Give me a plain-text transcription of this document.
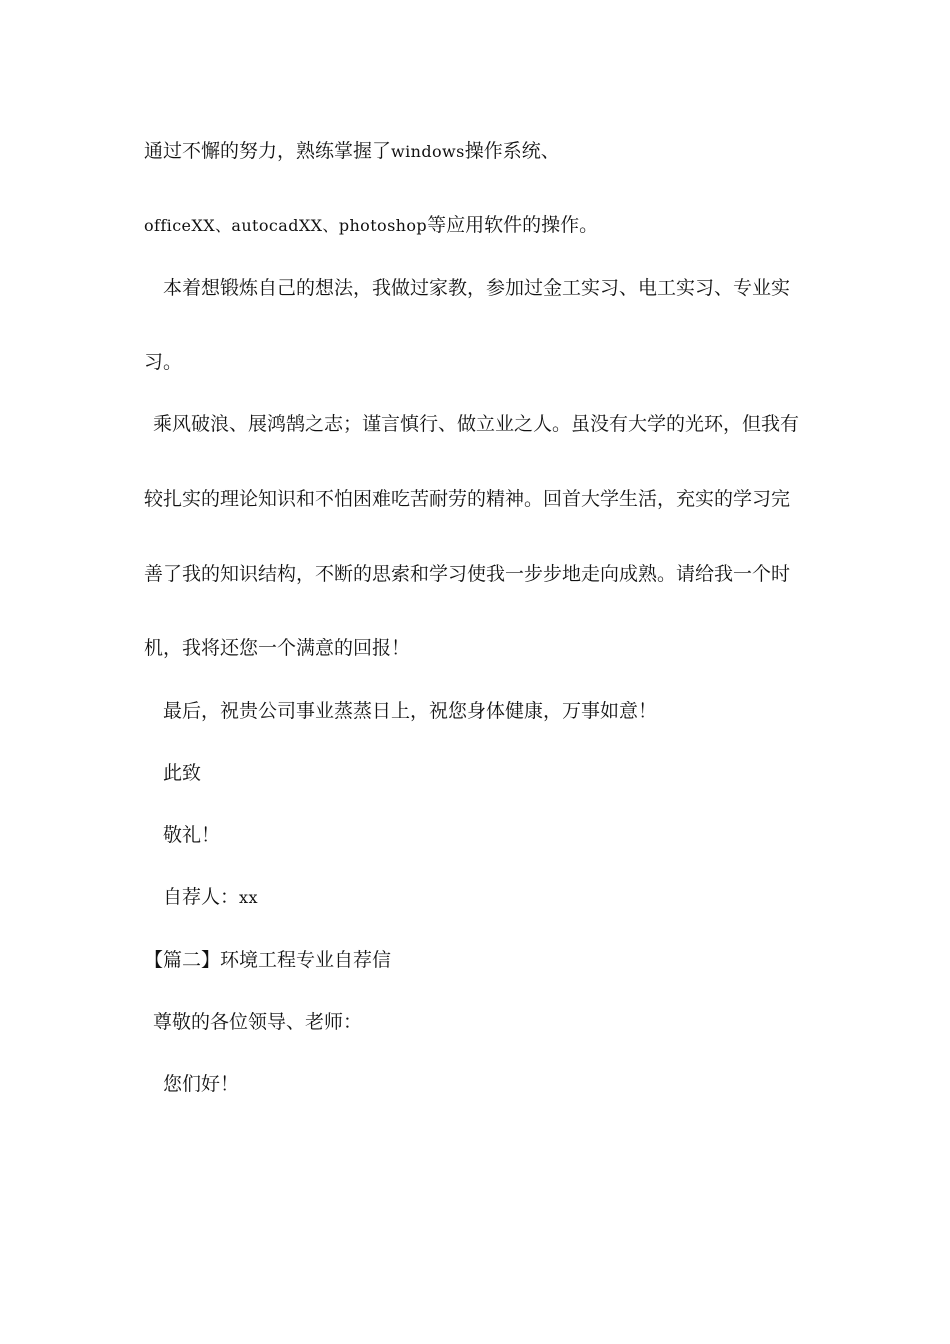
通过不懈的努力，熟练掌握了windows操作系统、
officeXX、autocadXX、photoshop等应用软件的操作。
本着想锻炼自己的想法，我做过家教，参加过金工实习、电工实习、专业实
习。
乘风破浪、展鸿鹄之志；谨言慎行、做立业之人。虽没有大学的光环，但我有
较扎实的理论知识和不怕困难吃苦耐劳的精神。回首大学生活，充实的学习完
善了我的知识结构，不断的思索和学习使我一步步地走向成熟。请给我一个时
机，我将还您一个满意的回报！
最后，祝贵公司事业蒸蒸日上，祝您身体健康，万事如意！
此致
敬礼！
自荐人：xx
【篇二】环境工程专业自荐信
尊敬的各位领导、老师：
您们好！
